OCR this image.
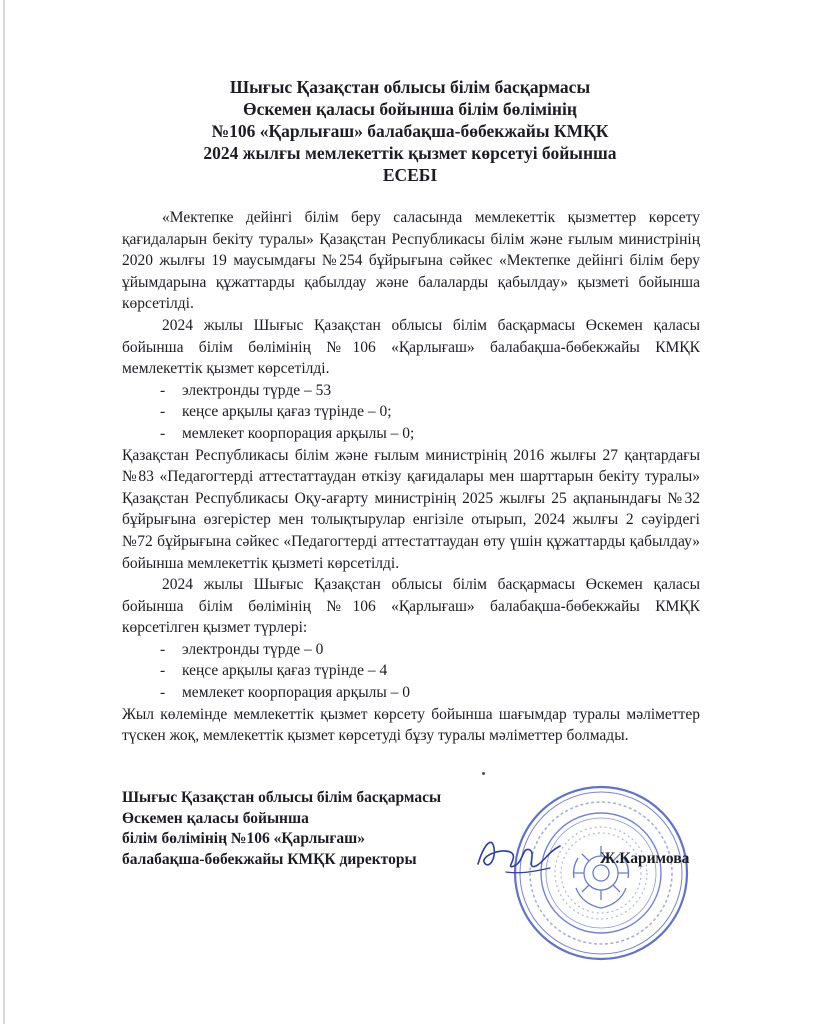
Шығыс Қазақстан облысы білім басқармасы
Өскемен қаласы бойынша білім бөлімінің
№106 «Қарлығаш» балабақша-бөбекжайы КМҚК
2024 жылғы мемлекеттік қызмет көрсетуі бойынша
ЕСЕБІ

«Мектепке дейінгі білім беру саласында мемлекеттік қызметтер көрсету қағидаларын бекіту туралы» Қазақстан Республикасы білім және ғылым министрінің 2020 жылғы 19 маусымдағы №254 бұйрығына сәйкес «Мектепке дейінгі білім беру ұйымдарына құжаттарды қабылдау және балаларды қабылдау» қызметі бойынша көрсетілді.

2024 жылы Шығыс Қазақстан облысы білім басқармасы Өскемен қаласы бойынша білім бөлімінің №106 «Қарлығаш» балабақша-бөбекжайы КМҚК мемлекеттік қызмет көрсетілді.

- электронды түрде – 53
- кеңсе арқылы қағаз түрінде – 0;
- мемлекет коорпорация арқылы – 0;

Қазақстан Республикасы білім және ғылым министрінің 2016 жылғы 27 қаңтардағы №83 «Педагогтерді аттестаттаудан өткізу қағидалары мен шарттарын бекіту туралы» Қазақстан Республикасы Оқу-ағарту министрінің 2025 жылғы 25 ақпанындағы №32 бұйрығына өзгерістер мен толықтырулар енгізіле отырып, 2024 жылғы 2 сәуірдегі №72 бұйрығына сәйкес «Педагогтерді аттестаттаудан өту үшін құжаттарды қабылдау» бойынша мемлекеттік қызметі көрсетілді.

2024 жылы Шығыс Қазақстан облысы білім басқармасы Өскемен қаласы бойынша білім бөлімінің №106 «Қарлығаш» балабақша-бөбекжайы КМҚК көрсетілген қызмет түрлері:

- электронды түрде – 0
- кеңсе арқылы қағаз түрінде – 4
- мемлекет коорпорация арқылы – 0

Жыл көлемінде мемлекеттік қызмет көрсету бойынша шағымдар туралы мәліметтер түскен жоқ, мемлекеттік қызмет көрсетуді бұзу туралы мәліметтер болмады.

Шығыс Қазақстан облысы білім басқармасы
Өскемен қаласы бойынша
білім бөлімінің №106 «Қарлығаш»
балабақша-бөбекжайы КМҚК директоры	Ж.Каримова
